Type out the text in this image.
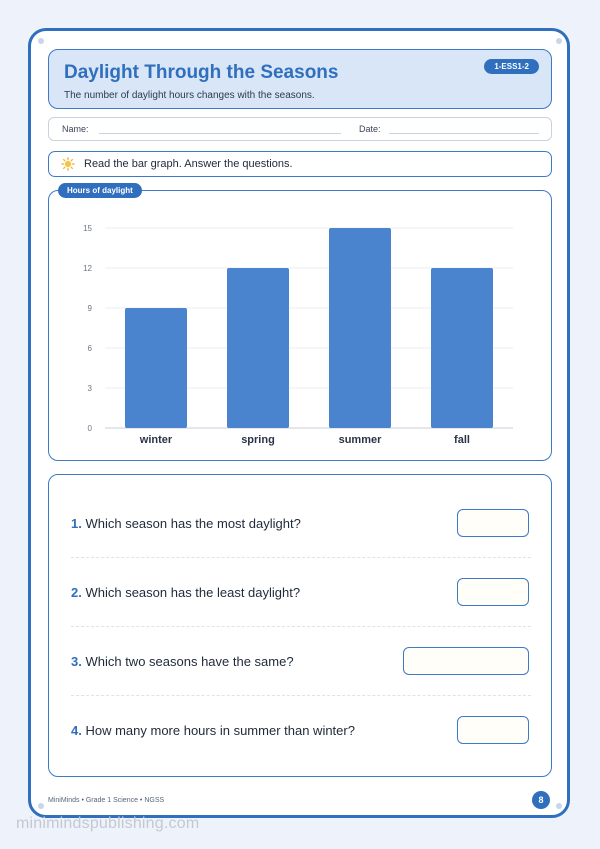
Daylight Through the Seasons
The number of daylight hours changes with the seasons.
1-ESS1-2
Name:	Date:
Read the bar graph. Answer the questions.
0
3
6
9
12
15
winter	spring	summer	fall
Hours of daylight
1. Which season has the most daylight?
2. Which season has the least daylight?
3. Which two seasons have the same?
4. How many more hours in summer than winter?
MiniMinds • Grade 1 Science • NGSS	8
minimindspublishing.com
